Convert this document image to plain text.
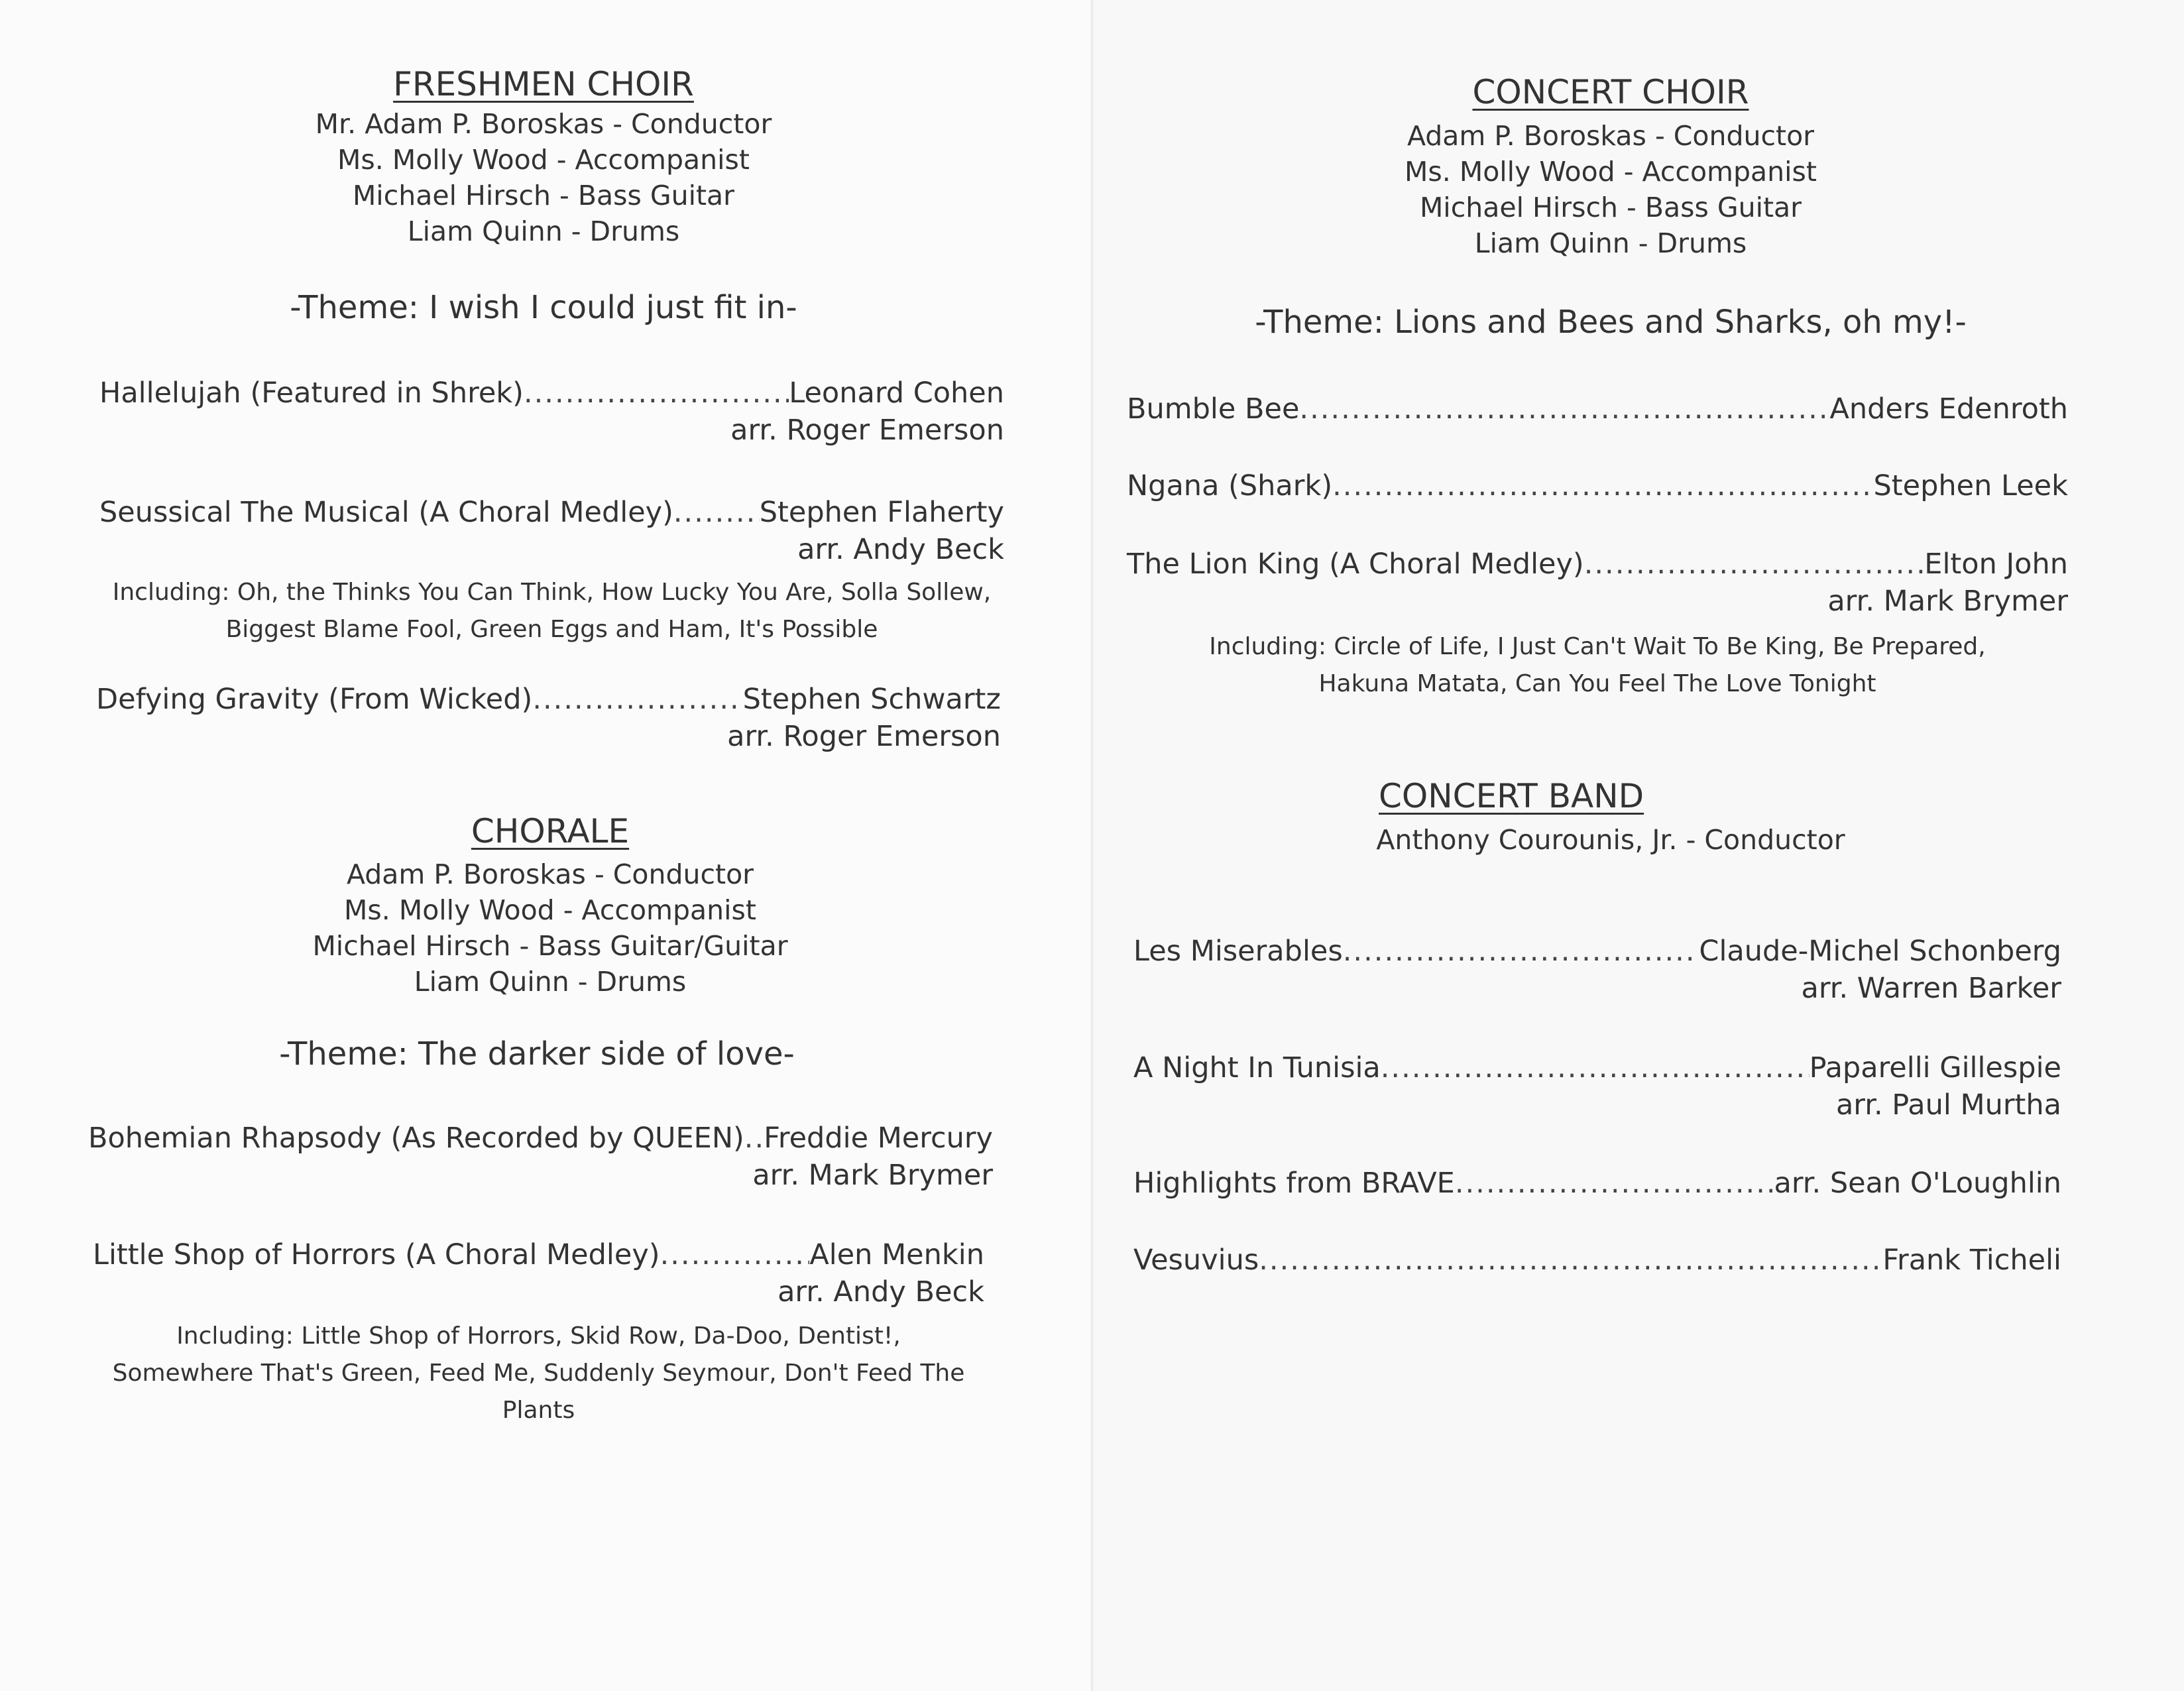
FRESHMEN CHOIR
Mr. Adam P. Boroskas - Conductor
Ms. Molly Wood - Accompanist
Michael Hirsch - Bass Guitar
Liam Quinn - Drums
-Theme: I wish I could just fit in-
Hallelujah (Featured in Shrek) .....	Leonard Cohen
arr. Roger Emerson
Seussical The Musical (A Choral Medley) .....	Stephen Flaherty
arr. Andy Beck
Including: Oh, the Thinks You Can Think, How Lucky You Are, Solla Sollew,
Biggest Blame Fool, Green Eggs and Ham, It's Possible
Defying Gravity (From Wicked) .....	Stephen Schwartz
arr. Roger Emerson
CHORALE
Adam P. Boroskas - Conductor
Ms. Molly Wood - Accompanist
Michael Hirsch - Bass Guitar/Guitar
Liam Quinn - Drums
-Theme: The darker side of love-
Bohemian Rhapsody (As Recorded by QUEEN) ..... Freddie Mercury
arr. Mark Brymer
Little Shop of Horrors (A Choral Medley) .....	Alen Menkin
arr. Andy Beck
Including: Little Shop of Horrors, Skid Row, Da-Doo, Dentist!,
Somewhere That's Green, Feed Me, Suddenly Seymour, Don't Feed The Plants
CONCERT CHOIR
Adam P. Boroskas - Conductor
Ms. Molly Wood - Accompanist
Michael Hirsch - Bass Guitar
Liam Quinn - Drums
-Theme: Lions and Bees and Sharks, oh my!-
Bumble Bee .....	Anders Edenroth
Ngana (Shark) .....	Stephen Leek
The Lion King (A Choral Medley) .....	Elton John
arr. Mark Brymer
Including: Circle of Life, I Just Can't Wait To Be King, Be Prepared,
Hakuna Matata, Can You Feel The Love Tonight
CONCERT BAND
Anthony Courounis, Jr. - Conductor
Les Miserables .....	Claude-Michel Schonberg
arr. Warren Barker
A Night In Tunisia .....	Paparelli Gillespie
arr. Paul Murtha
Highlights from BRAVE .....	arr. Sean O'Loughlin
Vesuvius .....	Frank Ticheli
